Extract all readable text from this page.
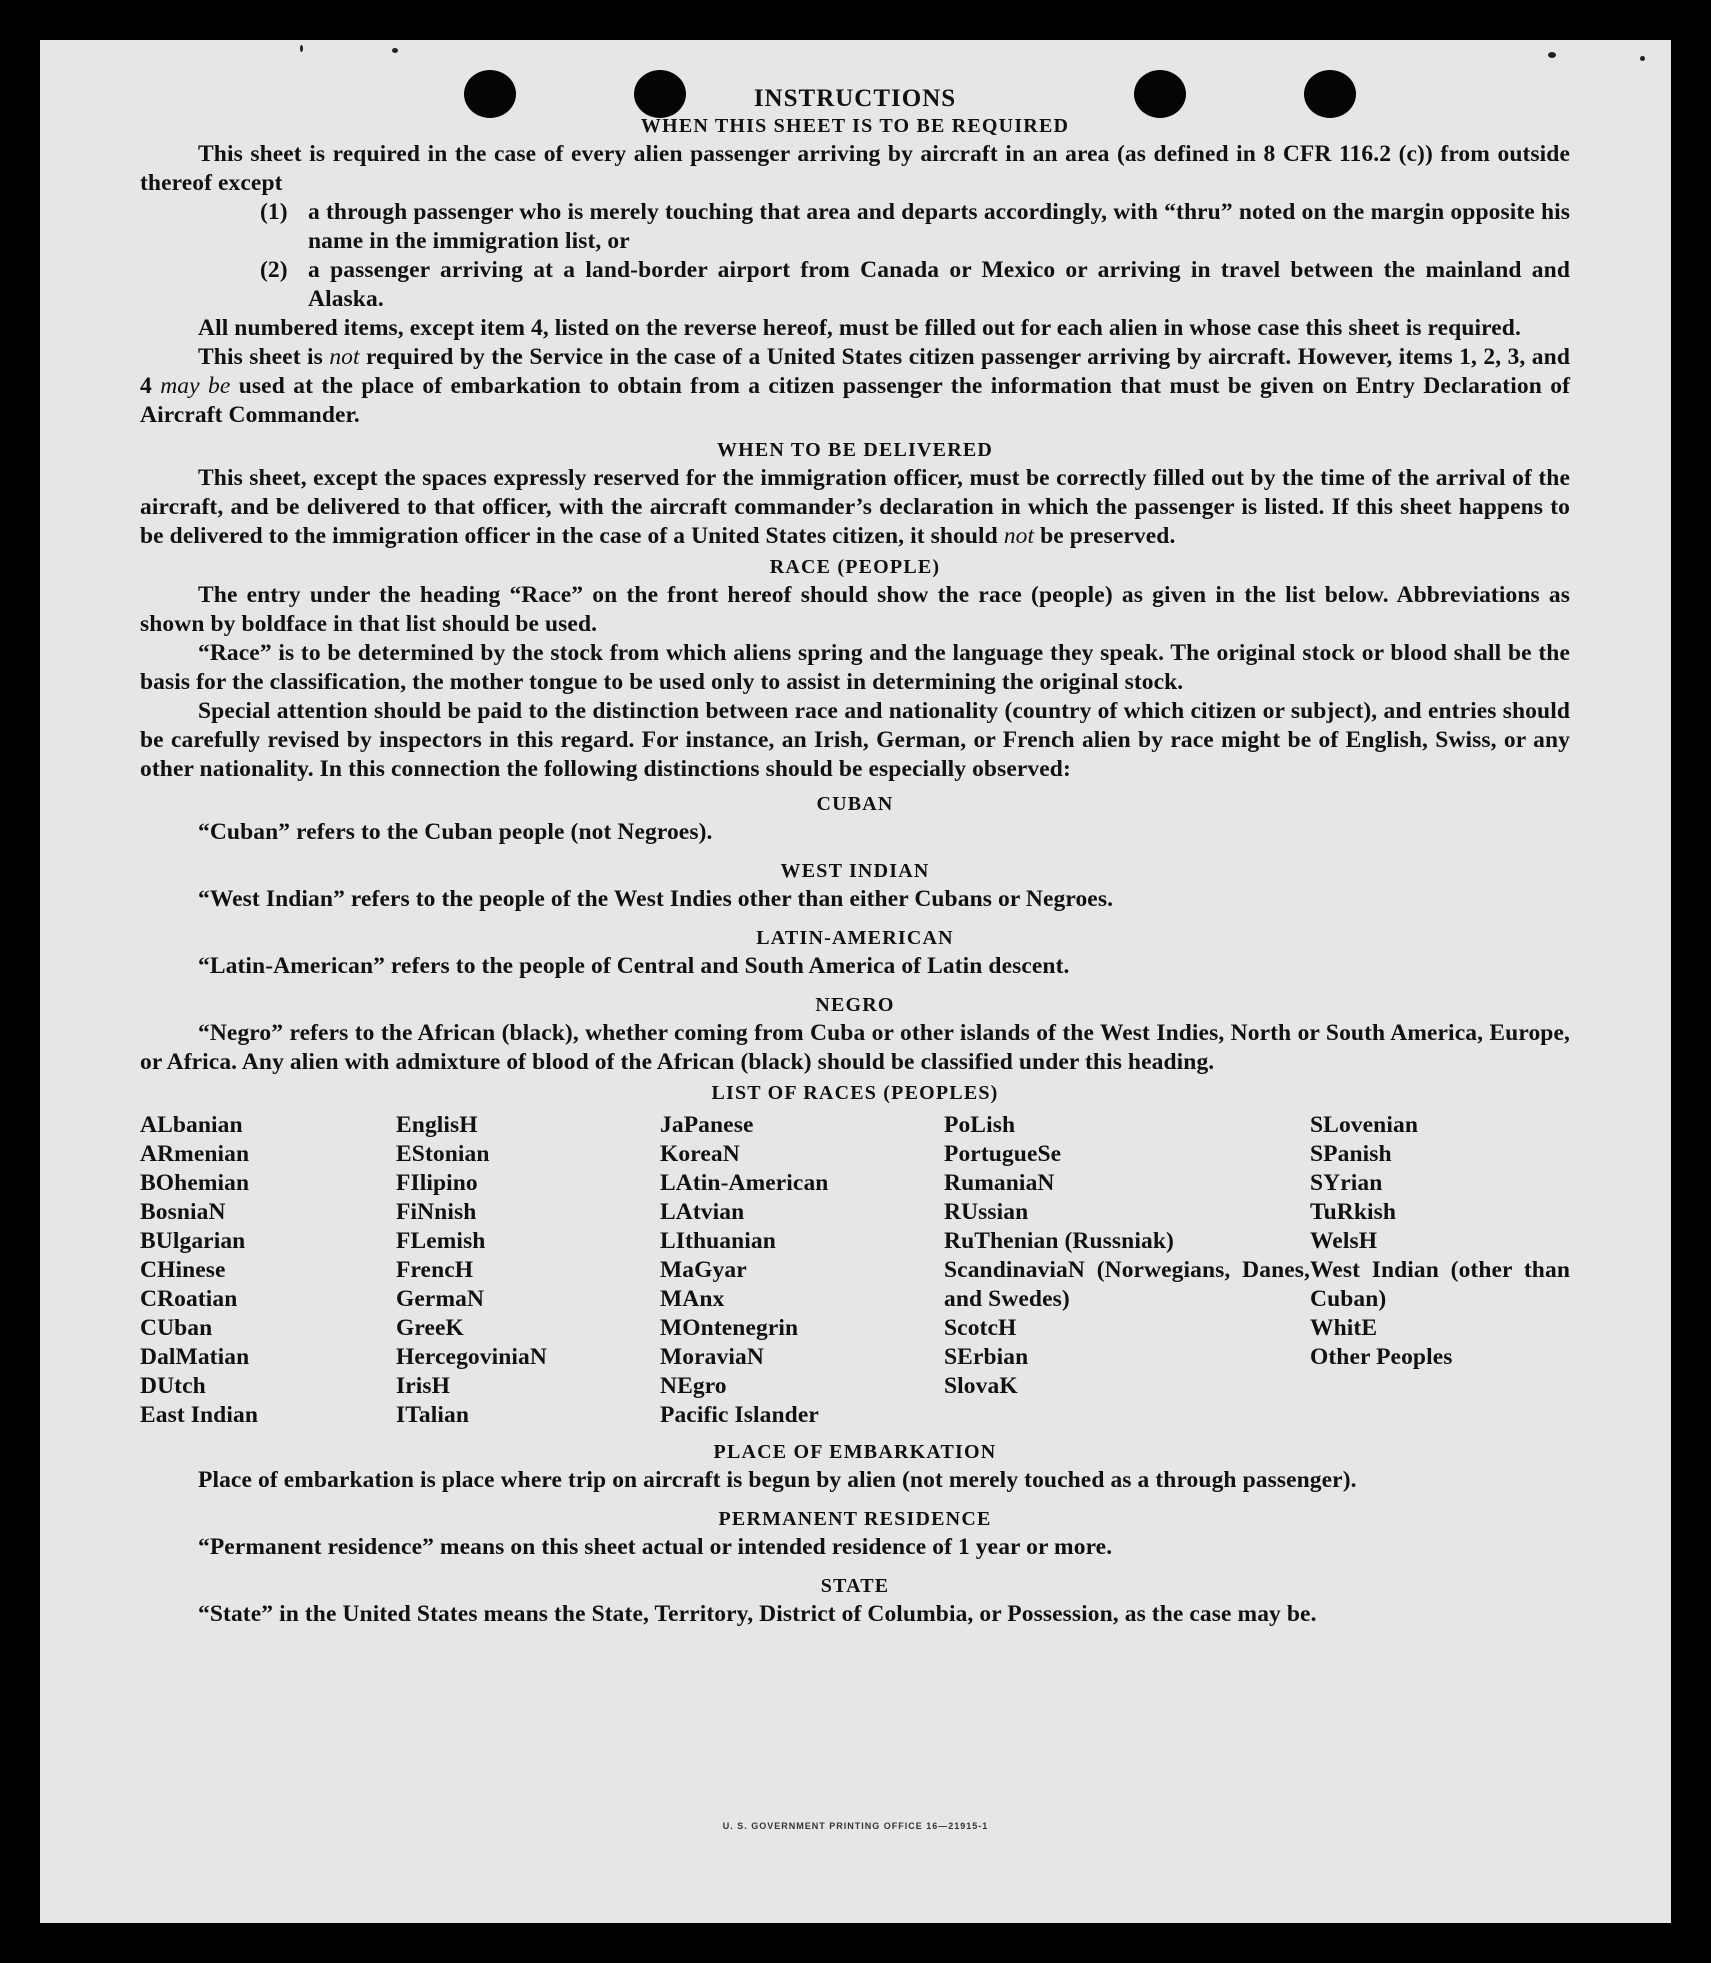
INSTRUCTIONS
WHEN THIS SHEET IS TO BE REQUIRED

This sheet is required in the case of every alien passenger arriving by aircraft in an area (as defined in 8 CFR 116.2 (c)) from outside thereof except

(1) a through passenger who is merely touching that area and departs accordingly, with “thru” noted on the margin opposite his name in the immigration list, or
(2) a passenger arriving at a land-border airport from Canada or Mexico or arriving in travel between the mainland and Alaska.

All numbered items, except item 4, listed on the reverse hereof, must be filled out for each alien in whose case this sheet is required.

This sheet is not required by the Service in the case of a United States citizen passenger arriving by aircraft. However, items 1, 2, 3, and 4 may be used at the place of embarkation to obtain from a citizen passenger the information that must be given on Entry Declaration of Aircraft Commander.

WHEN TO BE DELIVERED

This sheet, except the spaces expressly reserved for the immigration officer, must be correctly filled out by the time of the arrival of the aircraft, and be delivered to that officer, with the aircraft commander’s declaration in which the passenger is listed. If this sheet happens to be delivered to the immigration officer in the case of a United States citizen, it should not be preserved.

RACE (PEOPLE)

The entry under the heading “Race” on the front hereof should show the race (people) as given in the list below. Abbreviations as shown by boldface in that list should be used.

“Race” is to be determined by the stock from which aliens spring and the language they speak. The original stock or blood shall be the basis for the classification, the mother tongue to be used only to assist in determining the original stock.

Special attention should be paid to the distinction between race and nationality (country of which citizen or subject), and entries should be carefully revised by inspectors in this regard. For instance, an Irish, German, or French alien by race might be of English, Swiss, or any other nationality. In this connection the following distinctions should be especially observed:

CUBAN
“Cuban” refers to the Cuban people (not Negroes).
WEST INDIAN
“West Indian” refers to the people of the West Indies other than either Cubans or Negroes.
LATIN-AMERICAN
“Latin-American” refers to the people of Central and South America of Latin descent.
NEGRO

“Negro” refers to the African (black), whether coming from Cuba or other islands of the West Indies, North or South America, Europe, or Africa. Any alien with admixture of blood of the African (black) should be classified under this heading.

LIST OF RACES (PEOPLES)
ALbanian
ARmenian
BOhemian
BosniaN
BUlgarian
CHinese
CRoatian
CUban
DalMatian
DUtch
East Indian
EnglisH
EStonian
FIlipino
FiNnish
FLemish
FrencH
GermaN
GreeK
HercegoviniaN
IrisH
ITalian
JaPanese
KoreaN
LAtin-American
LAtvian
LIthuanian
MaGyar
MAnx
MOntenegrin
MoraviaN
NEgro
Pacific Islander
PoLish
PortugueSe
RumaniaN
RUssian
RuThenian (Russniak)
ScandinaviaN (Norwegians, Danes, and Swedes)
ScotcH
SErbian
SlovaK
SLovenian
SPanish
SYrian
TuRkish
WelsH
West Indian (other than Cuban)
WhitE
Other Peoples
PLACE OF EMBARKATION

Place of embarkation is place where trip on aircraft is begun by alien (not merely touched as a through passenger).

PERMANENT RESIDENCE
“Permanent residence” means on this sheet actual or intended residence of 1 year or more.
STATE

“State” in the United States means the State, Territory, District of Columbia, or Possession, as the case may be.

U. S. GOVERNMENT PRINTING OFFICE 16—21915-1
